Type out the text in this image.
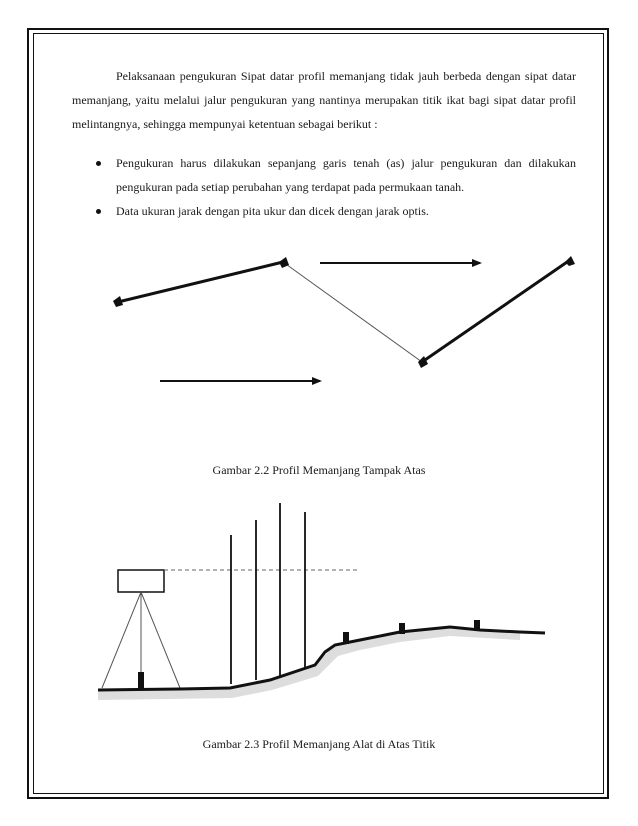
Pelaksanaan pengukuran Sipat datar profil memanjang tidak jauh berbeda dengan sipat datar memanjang, yaitu melalui jalur pengukuran yang nantinya merupakan titik ikat bagi sipat datar profil melintangnya, sehingga mempunyai ketentuan sebagai berikut :

Pengukuran harus dilakukan sepanjang garis tenah (as) jalur pengukuran dan dilakukan pengukuran pada setiap perubahan yang terdapat pada permukaan tanah.
Data ukuran jarak dengan pita ukur dan dicek dengan jarak optis.
Gambar 2.2 Profil Memanjang Tampak Atas
Gambar 2.3 Profil Memanjang Alat di Atas Titik
